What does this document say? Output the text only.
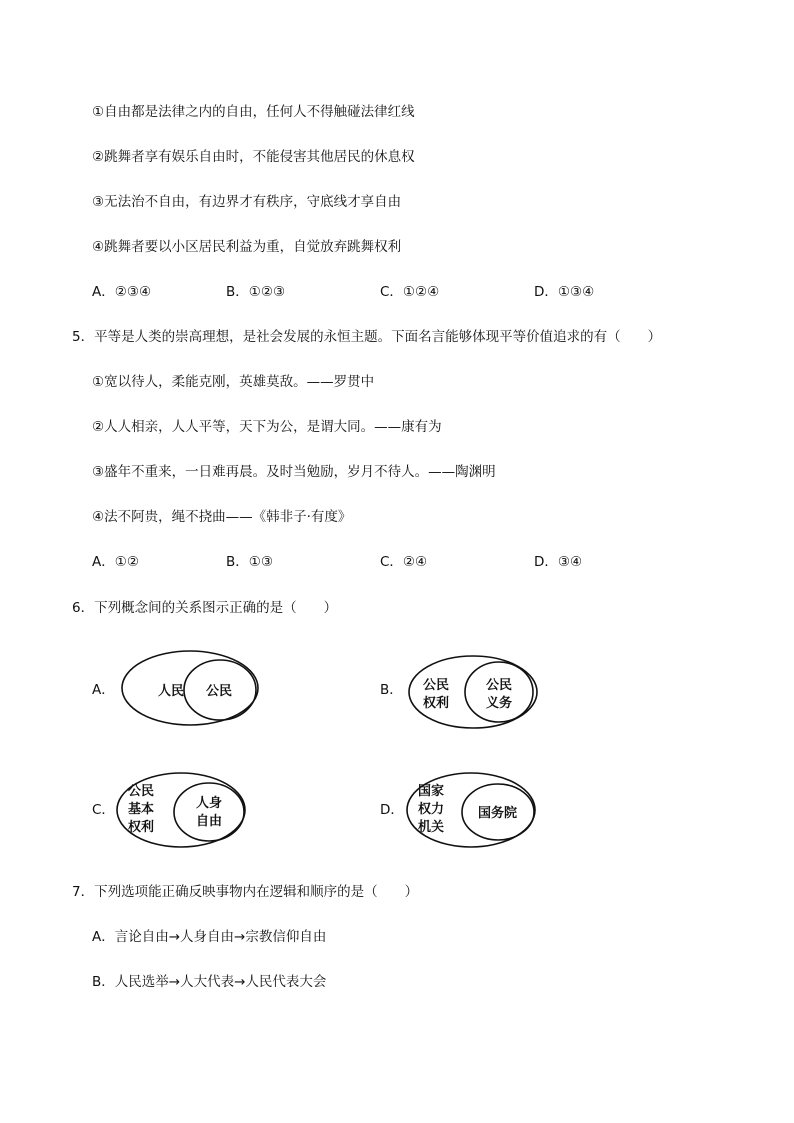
①自由都是法律之内的自由，任何人不得触碰法律红线
②跳舞者享有娱乐自由时，不能侵害其他居民的休息权
③无法治不自由，有边界才有秩序，守底线才享自由
④跳舞者要以小区居民利益为重，自觉放弃跳舞权利
A．②③④	B．①②③	C．①②④	D．①③④
5．平等是人类的崇高理想，是社会发展的永恒主题。下面名言能够体现平等价值追求的有（　　）
①宽以待人，柔能克刚，英雄莫敌。——罗贯中
②人人相亲，人人平等，天下为公，是谓大同。——康有为
③盛年不重来，一日难再晨。及时当勉励，岁月不待人。——陶渊明
④法不阿贵，绳不挠曲——《韩非子·有度》
A．①②	B．①③	C．②④	D．③④
6．下列概念间的关系图示正确的是（　　）
A．	人民 公民	B． 公民
权利
公民
义务
C．
公民
基本
权利
人身
自由
D．
国家
权力
机关
国务院
7．下列选项能正确反映事物内在逻辑和顺序的是（　　）
A．言论自由→人身自由→宗教信仰自由
B．人民选举→人大代表→人民代表大会
